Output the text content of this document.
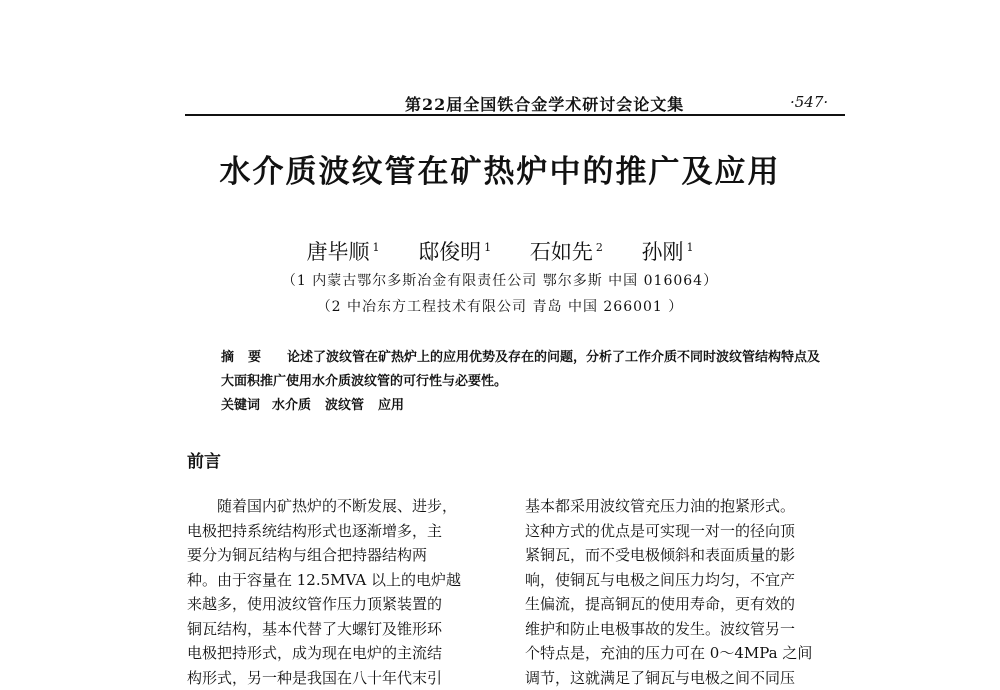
第22届全国铁合金学术研讨会论文集	·547·
水介质波纹管在矿热炉中的推广及应用
唐毕顺 $^1$ 邸俊明 $^1$ 石如先 $^2$ 孙刚 $^1$
（1 内蒙古鄂尔多斯冶金有限责任公司 鄂尔多斯 中国 016064）
（2 中冶东方工程技术有限公司 青岛 中国 266001 ）
摘要 论述了波纹管在矿热炉上的应用优势及存在的问题，分析了工作介质不同时波纹管结构特点及大面积推广使用水介质波纹管的可行性与必要性。
关键词 水介质 波纹管 应用
前言
随着国内矿热炉的不断发展、进步，
电极把持系统结构形式也逐渐增多，主
要分为铜瓦结构与组合把持器结构两
种。由于容量在 12.5MVA 以上的电炉越
来越多，使用波纹管作压力顶紧装置的
铜瓦结构，基本代替了大螺钉及锥形环
电极把持形式，成为现在电炉的主流结
构形式，另一种是我国在八十年代末引
基本都采用波纹管充压力油的抱紧形式。
这种方式的优点是可实现一对一的径向顶
紧铜瓦，而不受电极倾斜和表面质量的影
响，使铜瓦与电极之间压力均匀，不宜产
生偏流，提高铜瓦的使用寿命，更有效的
维护和防止电极事故的发生。波纹管另一
个特点是，充油的压力可在 0～4MPa 之间
调节，这就满足了铜瓦与电极之间不同压
